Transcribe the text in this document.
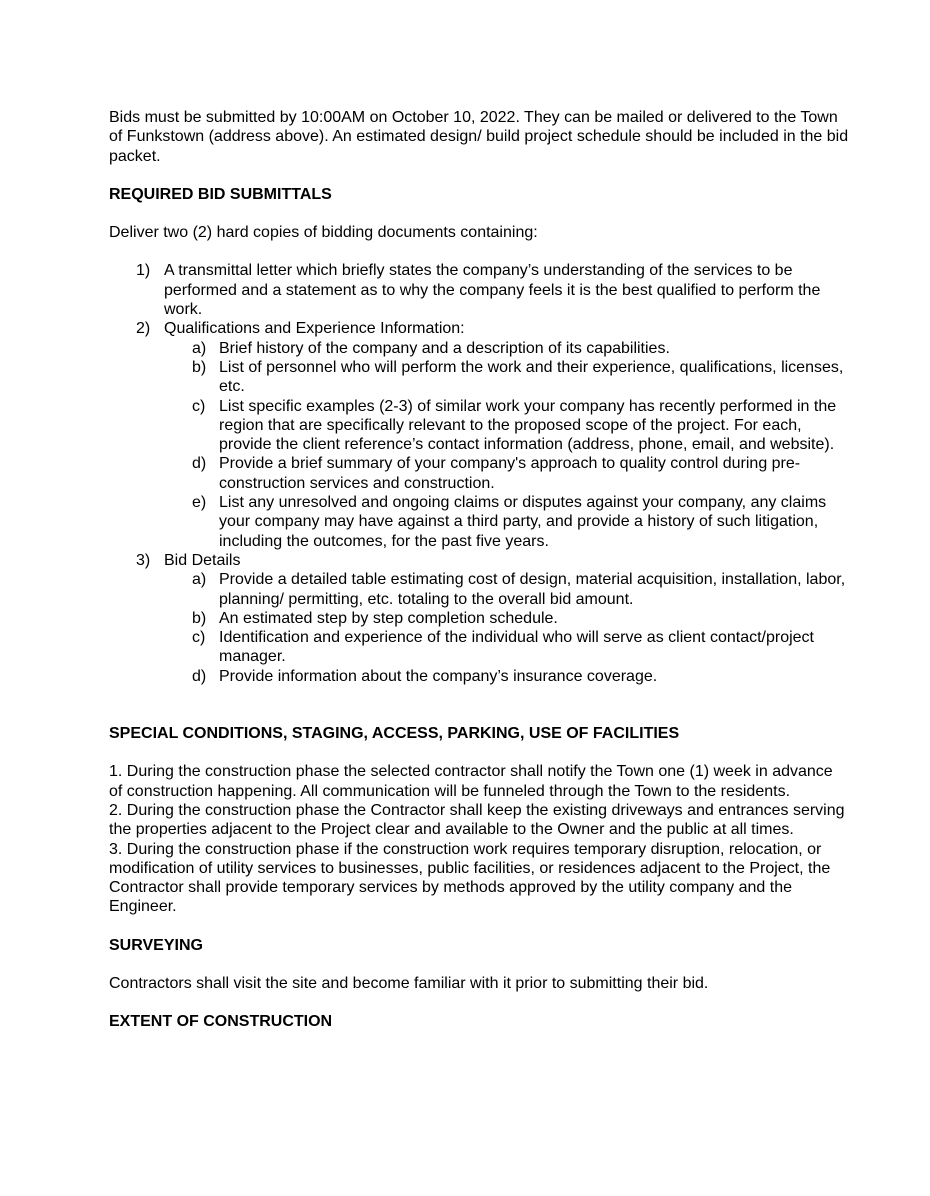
Bids must be submitted by 10:00AM on October 10, 2022. They can be mailed or delivered to the Town of Funkstown (address above). An estimated design/ build project schedule should be included in the bid packet.

REQUIRED BID SUBMITTALS

Deliver two (2) hard copies of bidding documents containing:

1) A transmittal letter which briefly states the company’s understanding of the services to be performed and a statement as to why the company feels it is the best qualified to perform the work.
2) Qualifications and Experience Information:
a) Brief history of the company and a description of its capabilities.
b) List of personnel who will perform the work and their experience, qualifications, licenses, etc.
c) List specific examples (2-3) of similar work your company has recently performed in the region that are specifically relevant to the proposed scope of the project. For each, provide the client reference’s contact information (address, phone, email, and website).
d) Provide a brief summary of your company's approach to quality control during pre-construction services and construction.
e) List any unresolved and ongoing claims or disputes against your company, any claims your company may have against a third party, and provide a history of such litigation, including the outcomes, for the past five years.
3) Bid Details
a) Provide a detailed table estimating cost of design, material acquisition, installation, labor, planning/ permitting, etc. totaling to the overall bid amount.
b) An estimated step by step completion schedule.
c) Identification and experience of the individual who will serve as client contact/project manager.
d) Provide information about the company’s insurance coverage.
SPECIAL CONDITIONS, STAGING, ACCESS, PARKING, USE OF FACILITIES

1. During the construction phase the selected contractor shall notify the Town one (1) week in advance of construction happening. All communication will be funneled through the Town to the residents.

2. During the construction phase the Contractor shall keep the existing driveways and entrances serving the properties adjacent to the Project clear and available to the Owner and the public at all times.

3. During the construction phase if the construction work requires temporary disruption, relocation, or modification of utility services to businesses, public facilities, or residences adjacent to the Project, the Contractor shall provide temporary services by methods approved by the utility company and the Engineer.

SURVEYING

Contractors shall visit the site and become familiar with it prior to submitting their bid.

EXTENT OF CONSTRUCTION
